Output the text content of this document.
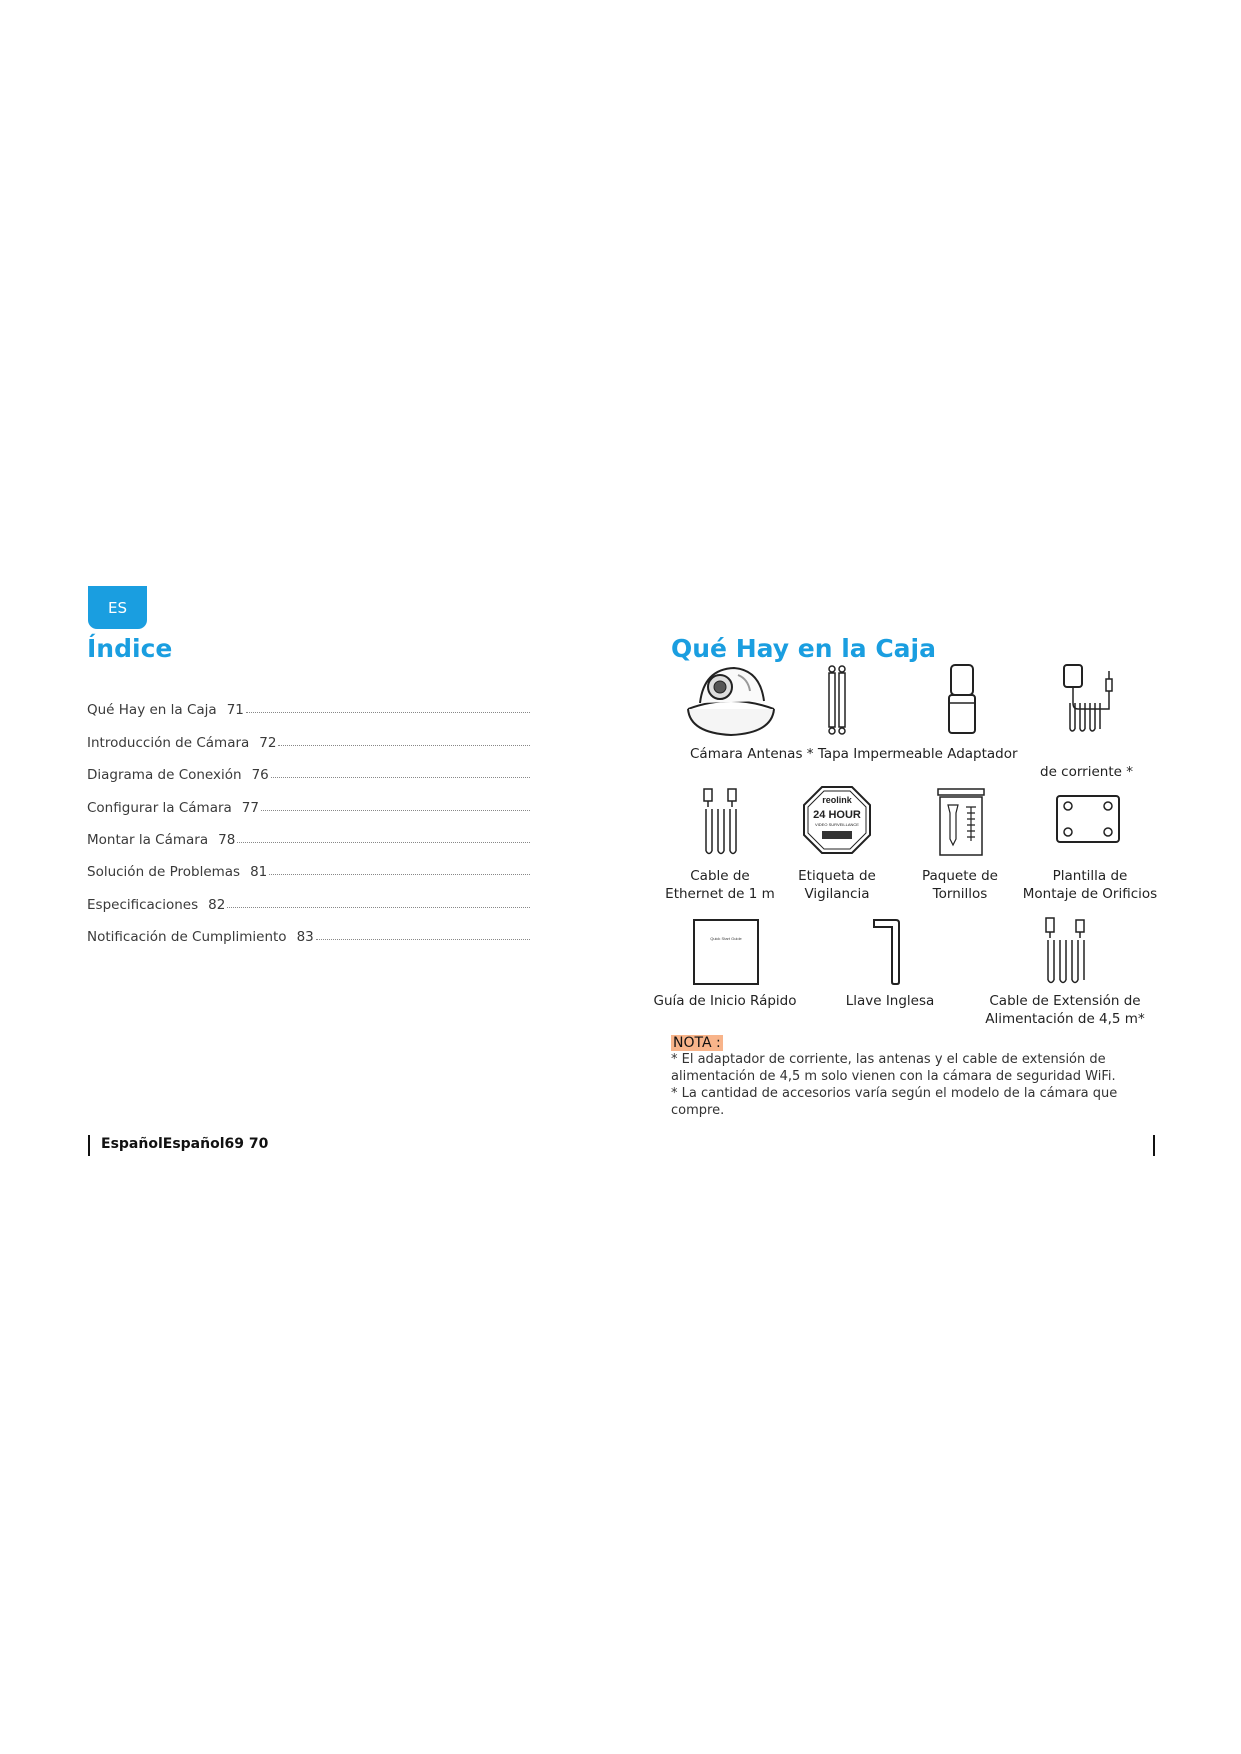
ES
Índice
Qué Hay en la Caja 71
Introducción de Cámara 72
Diagrama de Conexión 76
Configurar la Cámara 77
Montar la Cámara 78
Solución de Problemas 81
Especificaciones 82
Notificación de Cumplimiento 83
Qué Hay en la Caja
Cámara Antenas * Tapa Impermeable Adaptador
de corriente *
reolink
24 HOUR
VIDEO SURVEILLANCE
Cable de
Ethernet de 1 m
Etiqueta de
Vigilancia
Paquete de
Tornillos
Plantilla de
Montaje de Orificios
Quick Start Guide
Guía de Inicio Rápido	Llave Inglesa	Cable de Extensión de
Alimentación de 4,5 m*
NOTA :
* El adaptador de corriente, las antenas y el cable de extensión de
alimentación de 4,5 m solo vienen con la cámara de seguridad WiFi.
* La cantidad de accesorios varía según el modelo de la cámara que
compre.
EspañolEspañol69 70
